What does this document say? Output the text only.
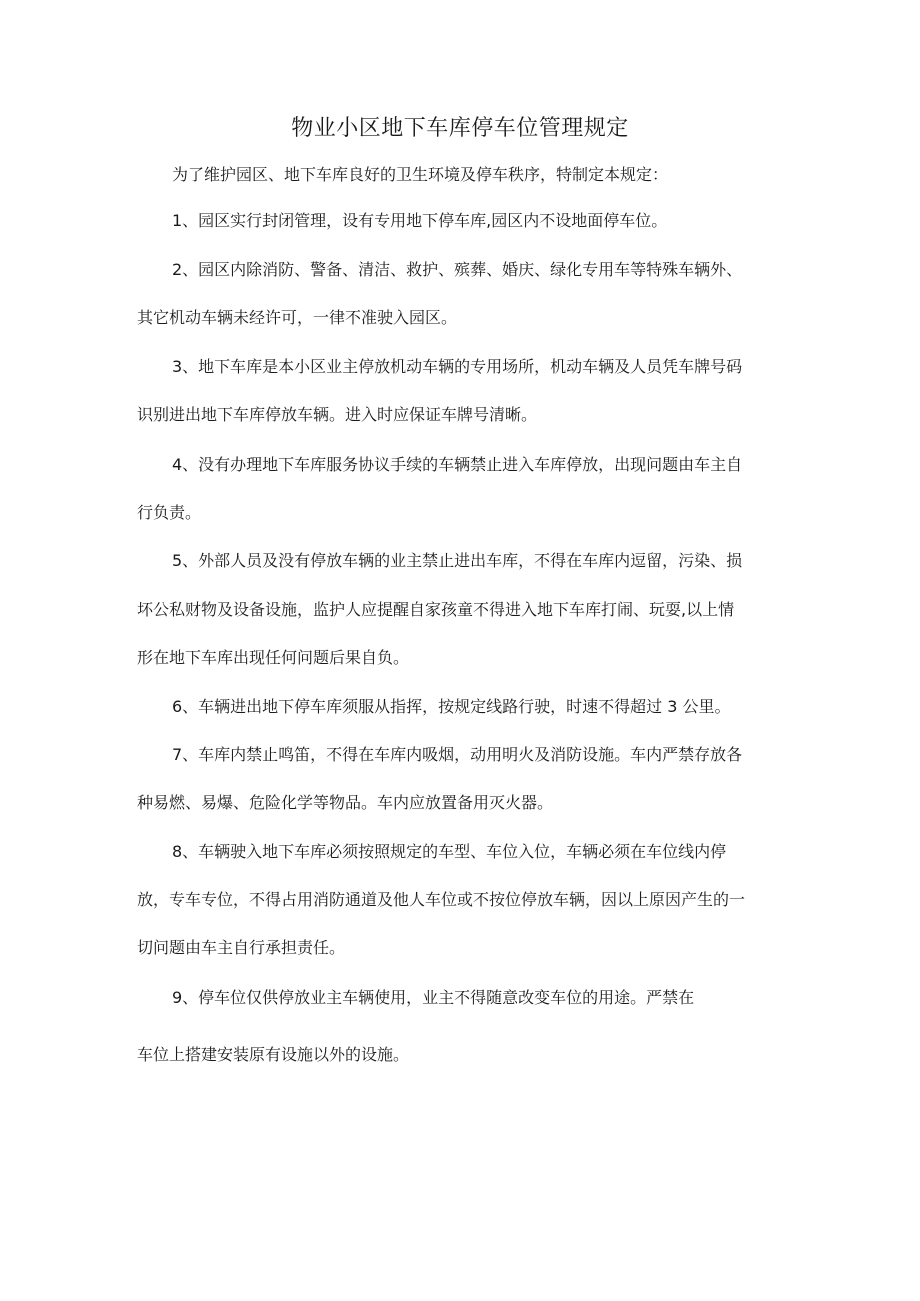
物业小区地下车库停车位管理规定

为了维护园区、地下车库良好的卫生环境及停车秩序，特制定本规定：

1、园区实行封闭管理，设有专用地下停车库,园区内不设地面停车位。

2、园区内除消防、警备、清洁、救护、殡葬、婚庆、绿化专用车等特殊车辆外、

其它机动车辆未经许可，一律不准驶入园区。

3、地下车库是本小区业主停放机动车辆的专用场所，机动车辆及人员凭车牌号码

识别进出地下车库停放车辆。进入时应保证车牌号清晰。

4、没有办理地下车库服务协议手续的车辆禁止进入车库停放，出现问题由车主自

行负责。

5、外部人员及没有停放车辆的业主禁止进出车库，不得在车库内逗留，污染、损

坏公私财物及设备设施，监护人应提醒自家孩童不得进入地下车库打闹、玩耍,以上情

形在地下车库出现任何问题后果自负。

6、车辆进出地下停车库须服从指挥，按规定线路行驶，时速不得超过 3 公里。

7、车库内禁止鸣笛，不得在车库内吸烟，动用明火及消防设施。车内严禁存放各

种易燃、易爆、危险化学等物品。车内应放置备用灭火器。

8、车辆驶入地下车库必须按照规定的车型、车位入位，车辆必须在车位线内停

放，专车专位，不得占用消防通道及他人车位或不按位停放车辆，因以上原因产生的一

切问题由车主自行承担责任。

9、停车位仅供停放业主车辆使用，业主不得随意改变车位的用途。严禁在

车位上搭建安装原有设施以外的设施。
